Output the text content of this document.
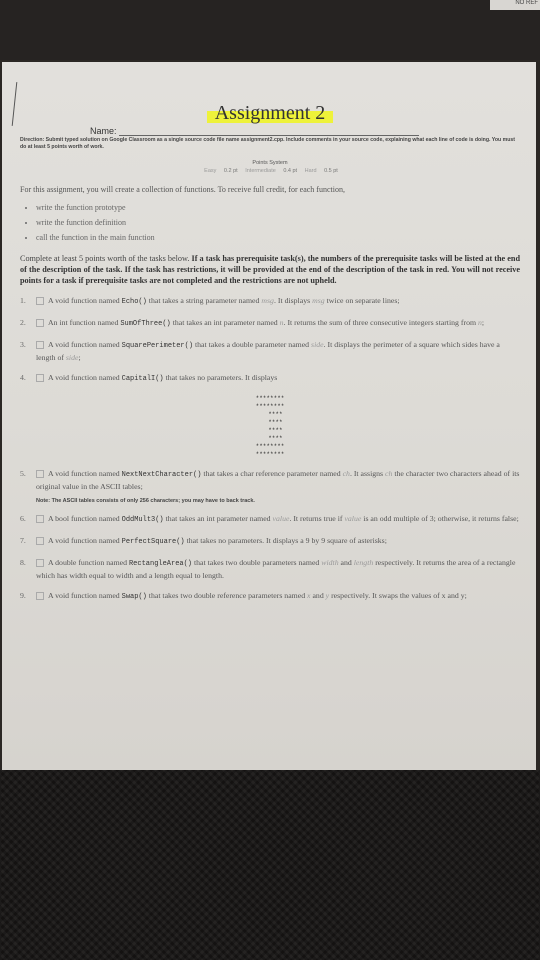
NO REF
Assignment 2
Name:
Direction: Submit typed solution on Google Classroom as a single source code file name assignment2.cpp. Include comments in your source code, explaining what each line of code is doing. You must do at least 5 points worth of work.
Points System
Easy 0.2 pt Intermediate 0.4 pt Hard 0.5 pt
For this assignment, you will create a collection of functions. To receive full credit, for each function,
• write the function prototype
• write the function definition
• call the function in the main function
Complete at least 5 points worth of the tasks below. If a task has prerequisite task(s), the numbers of the prerequisite tasks will be listed at the end of the description of the task. If the task has restrictions, it will be provided at the end of the description of the task in red. You will not receive points for a task if prerequisite tasks are not completed and the restrictions are not upheld.
1.	A void function named Echo() that takes a string parameter named msg. It displays msg twice on separate lines;
2.	An int function named SumOfThree() that takes an int parameter named n. It returns the sum of three consecutive integers starting from n;
3.	A void function named SquarePerimeter() that takes a double parameter named side. It displays the perimeter of a square which sides have a length of side;
4.	A void function named CapitalI() that takes no parameters. It displays
********
********
****
****
****
****
********
********
5.	A void function named NextNextCharacter() that takes a char reference parameter named ch. It assigns ch the character two characters ahead of its original value in the ASCII tables;
Note: The ASCII tables consists of only 256 characters; you may have to back track.
6.	A bool function named OddMult3() that takes an int parameter named value. It returns true if value is an odd multiple of 3; otherwise, it returns false;
7.	A void function named PerfectSquare() that takes no parameters. It displays a 9 by 9 square of asterisks;
8.	A double function named RectangleArea() that takes two double parameters named width and length respectively. It returns the area of a rectangle which has width equal to width and a length equal to length.
9.	A void function named Swap() that takes two double reference parameters named x and y respectively. It swaps the values of x and y;
